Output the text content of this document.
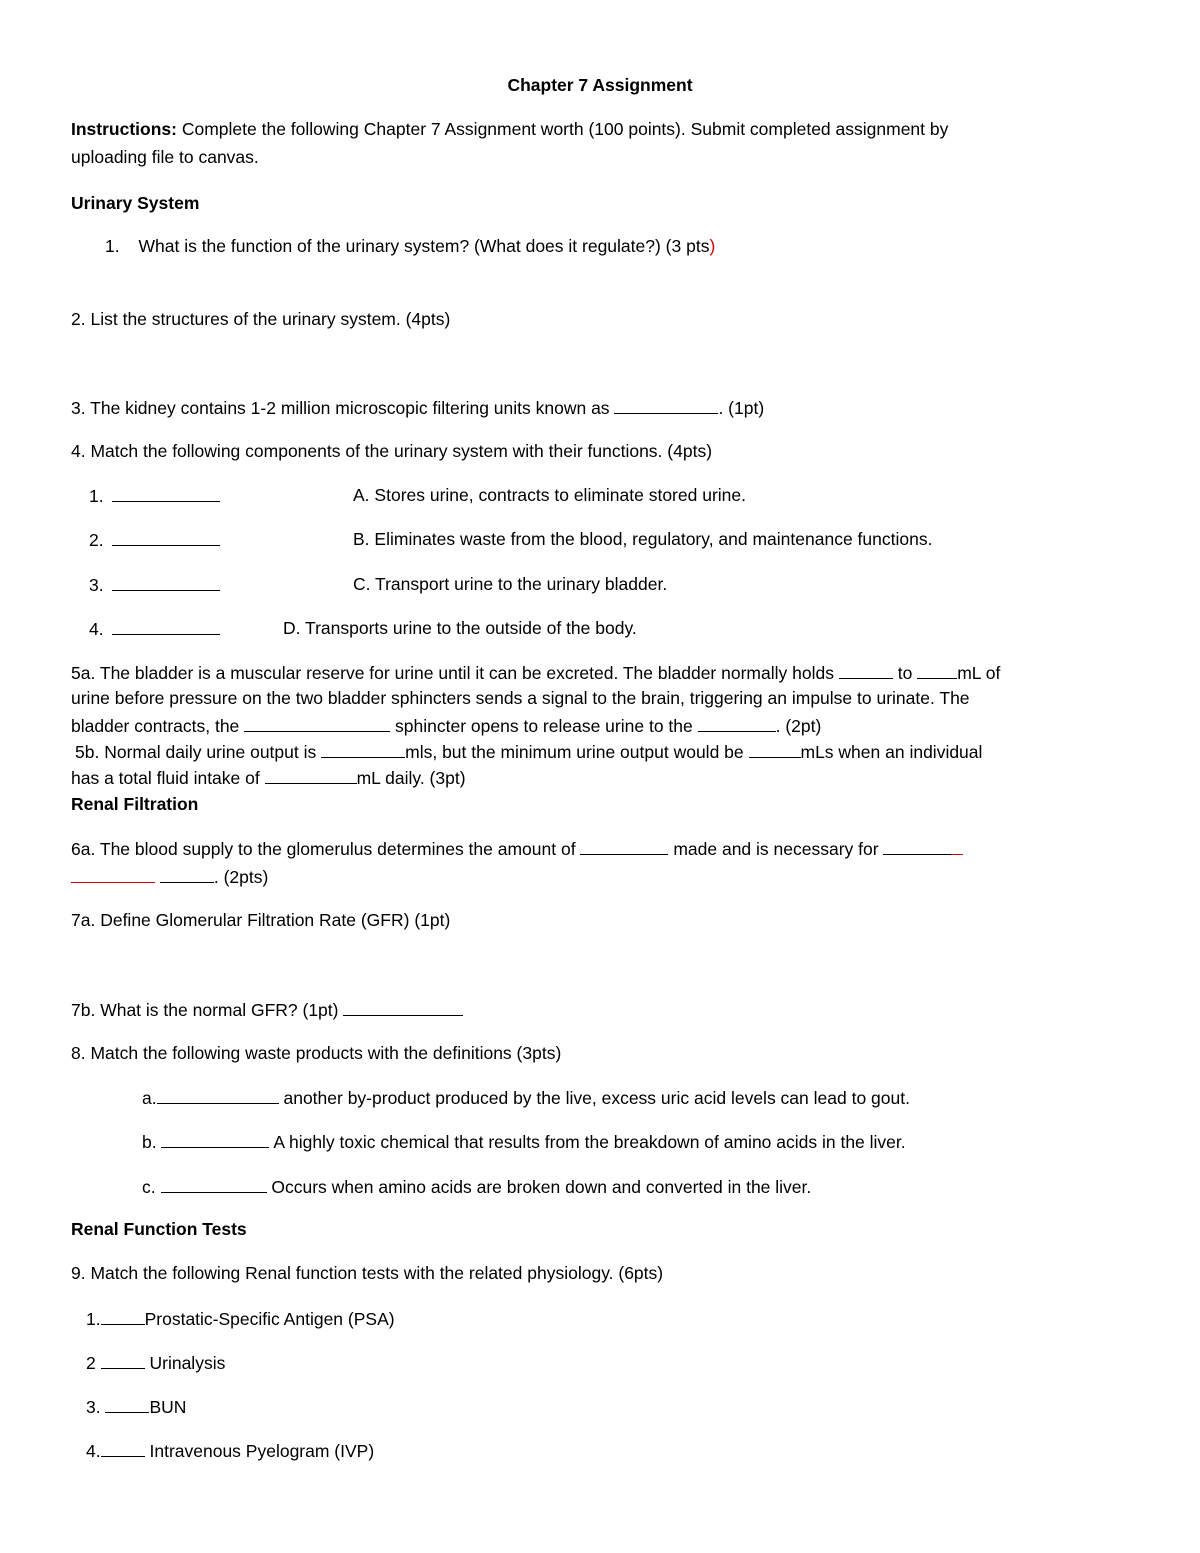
Chapter 7 Assignment
Instructions: Complete the following Chapter 7 Assignment worth (100 points). Submit completed assignment by
uploading file to canvas.
Urinary System
1. What is the function of the urinary system? (What does it regulate?) (3 pts)
2. List the structures of the urinary system. (4pts)
3. The kidney contains 1-2 million microscopic filtering units known as	. (1pt)
4. Match the following components of the urinary system with their functions. (4pts)
1.	A. Stores urine, contracts to eliminate stored urine.
2.	B. Eliminates waste from the blood, regulatory, and maintenance functions.
3.	C. Transport urine to the urinary bladder.
4.	D. Transports urine to the outside of the body.
5a. The bladder is a muscular reserve for urine until it can be excreted. The bladder normally holds	to	mL of
urine before pressure on the two bladder sphincters sends a signal to the brain, triggering an impulse to urinate. The
bladder contracts, the	sphincter opens to release urine to the	. (2pt)
5b. Normal daily urine output is	mls, but the minimum urine output would be	mLs when an individual
has a total fluid intake of	mL daily. (3pt)
Renal Filtration
6a. The blood supply to the glomerulus determines the amount of	made and is necessary for
. (2pts)
7a. Define Glomerular Filtration Rate (GFR) (1pt)
7b. What is the normal GFR? (1pt)
8. Match the following waste products with the definitions (3pts)
a.	another by-product produced by the live, excess uric acid levels can lead to gout.
b.	A highly toxic chemical that results from the breakdown of amino acids in the liver.
c.	Occurs when amino acids are broken down and converted in the liver.
Renal Function Tests
9. Match the following Renal function tests with the related physiology. (6pts)
1.	Prostatic-Specific Antigen (PSA)
2	Urinalysis
3.	BUN
4.	Intravenous Pyelogram (IVP)
